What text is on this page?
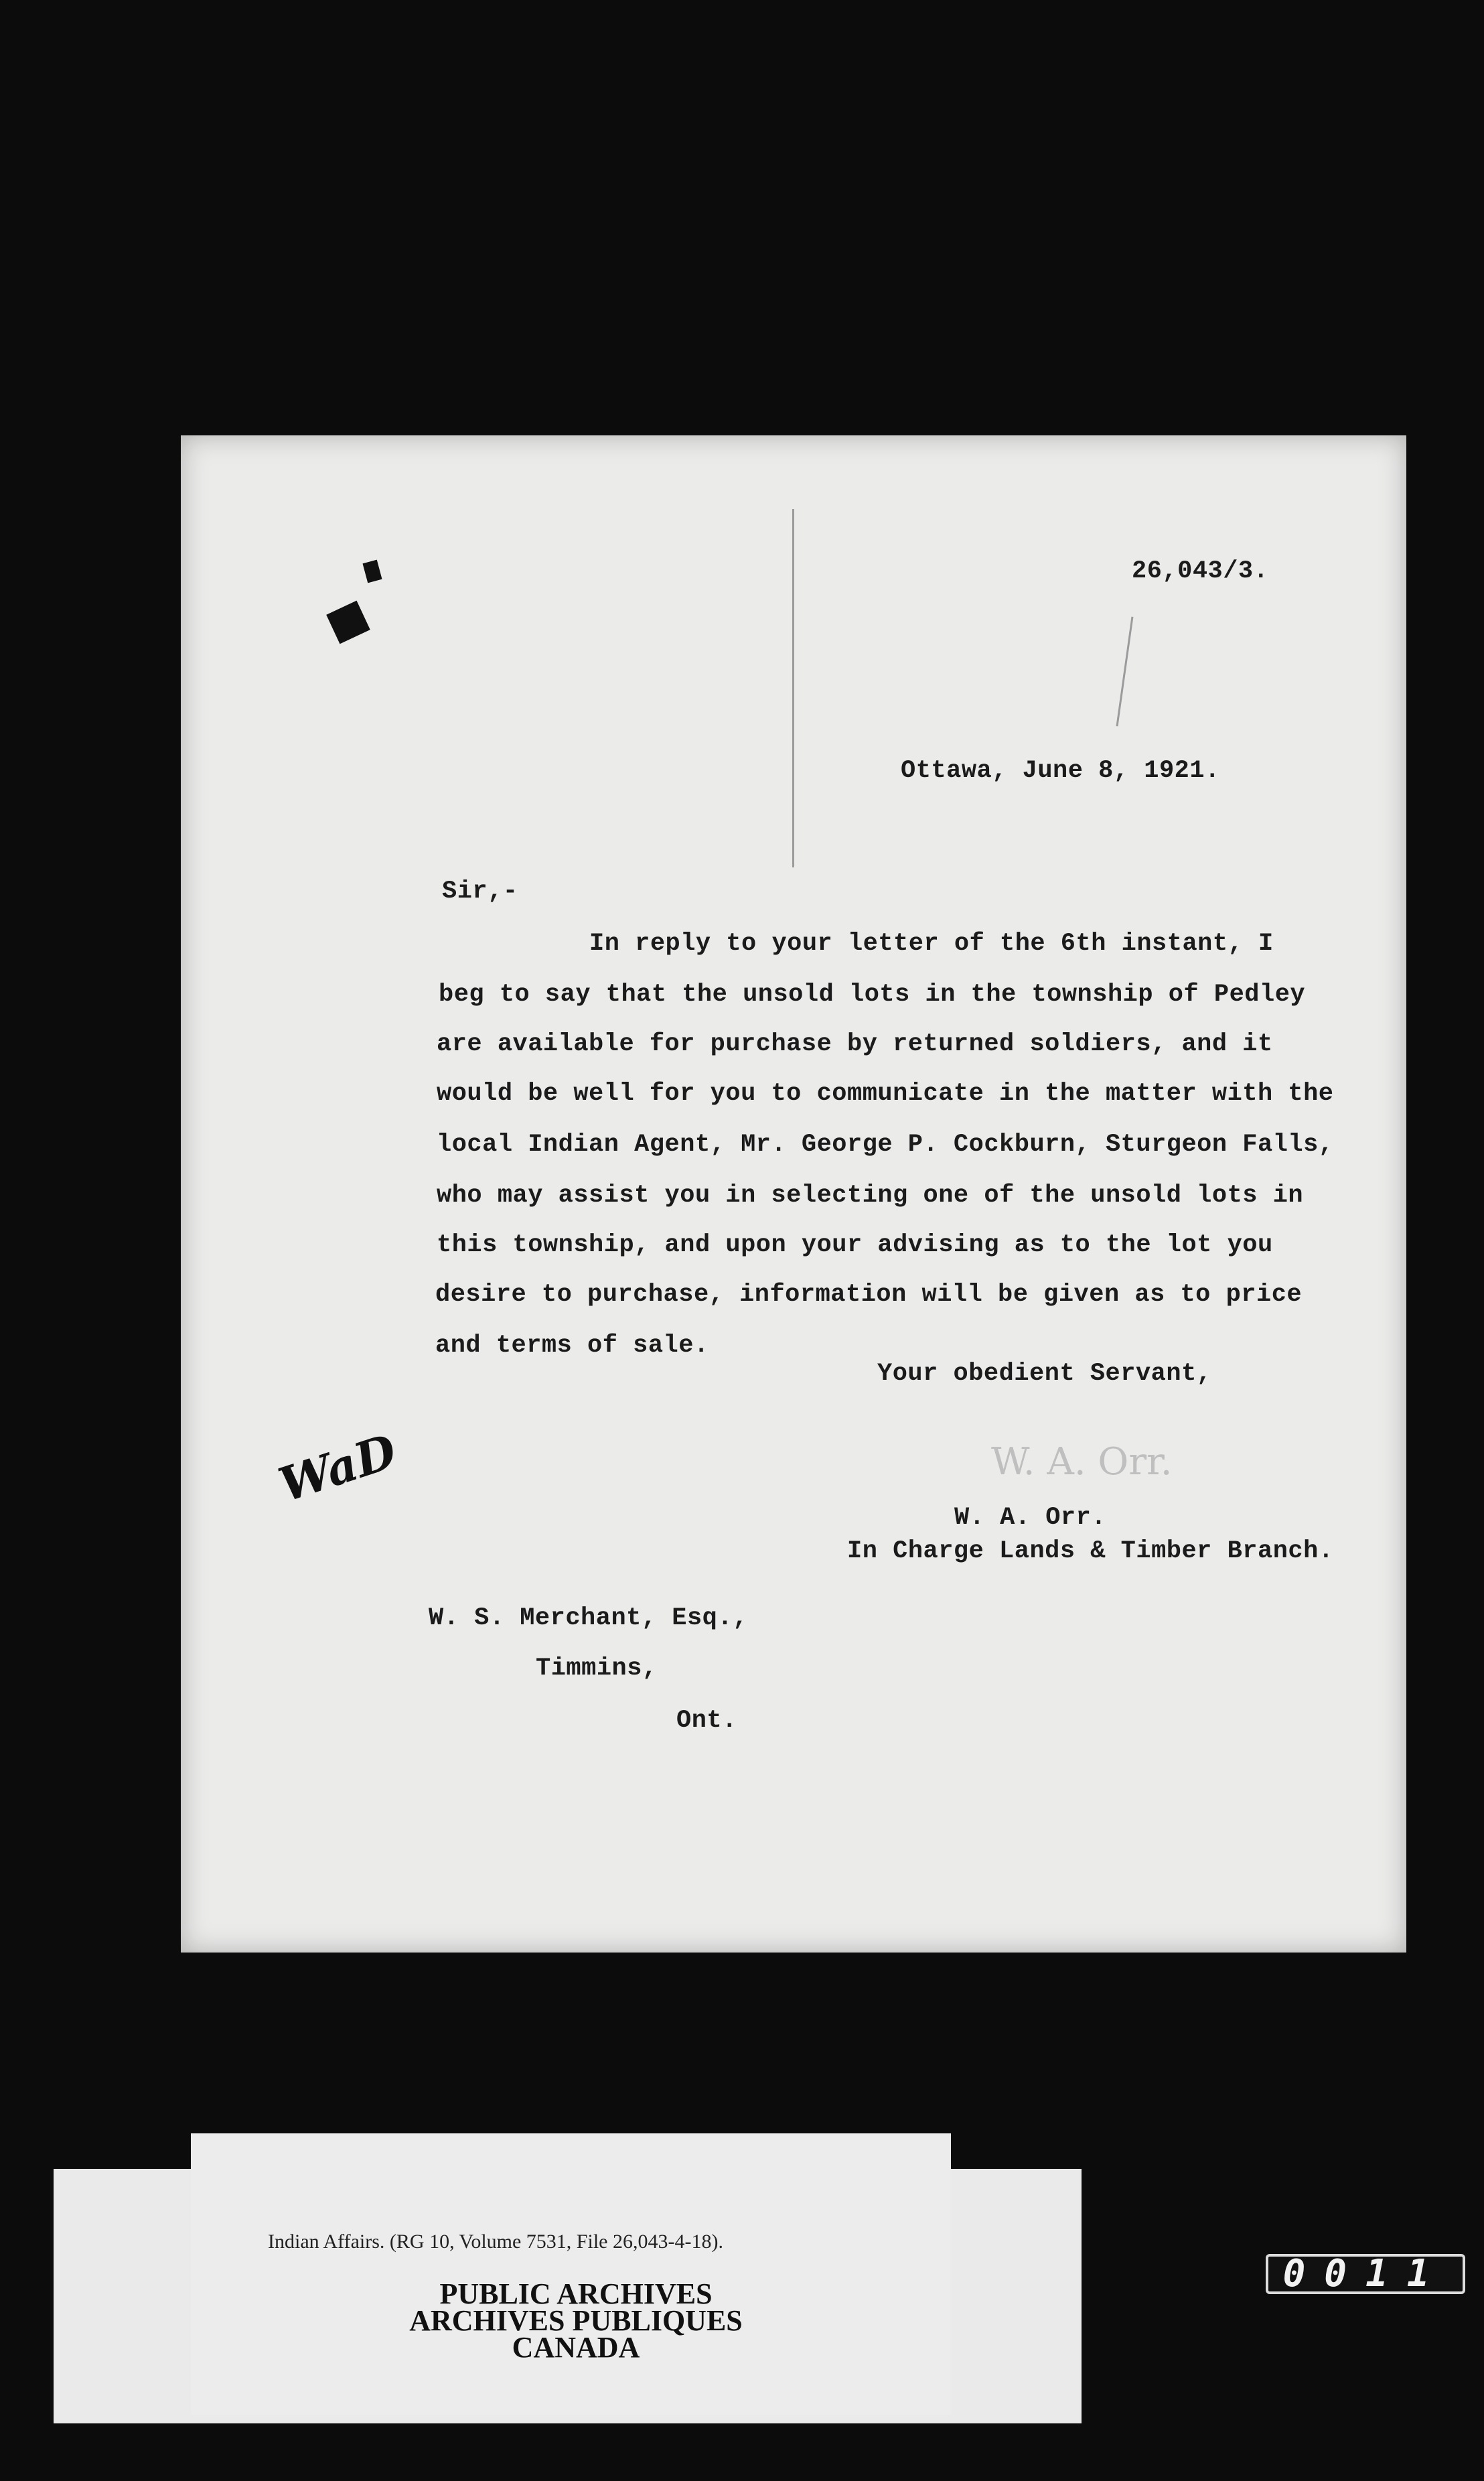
26,043/3.
Ottawa, June 8, 1921.
Sir,-
In reply to your letter of the 6th instant, I
beg to say that the unsold lots in the township of Pedley
are available for purchase by returned soldiers, and it
would be well for you to communicate in the matter with the
local Indian Agent, Mr. George P. Cockburn, Sturgeon Falls,
who may assist you in selecting one of the unsold lots in
this township, and upon your advising as to the lot you
desire to purchase, information will be given as to price
and terms of sale.
Your obedient Servant,
W. A. Orr.
WaD
W. A. Orr.
In Charge Lands & Timber Branch.
W. S. Merchant, Esq.,
Timmins,
Ont.
Indian Affairs. (RG 10, Volume 7531, File 26,043-4-18).
PUBLIC ARCHIVES
ARCHIVES PUBLIQUES
CANADA
0011
